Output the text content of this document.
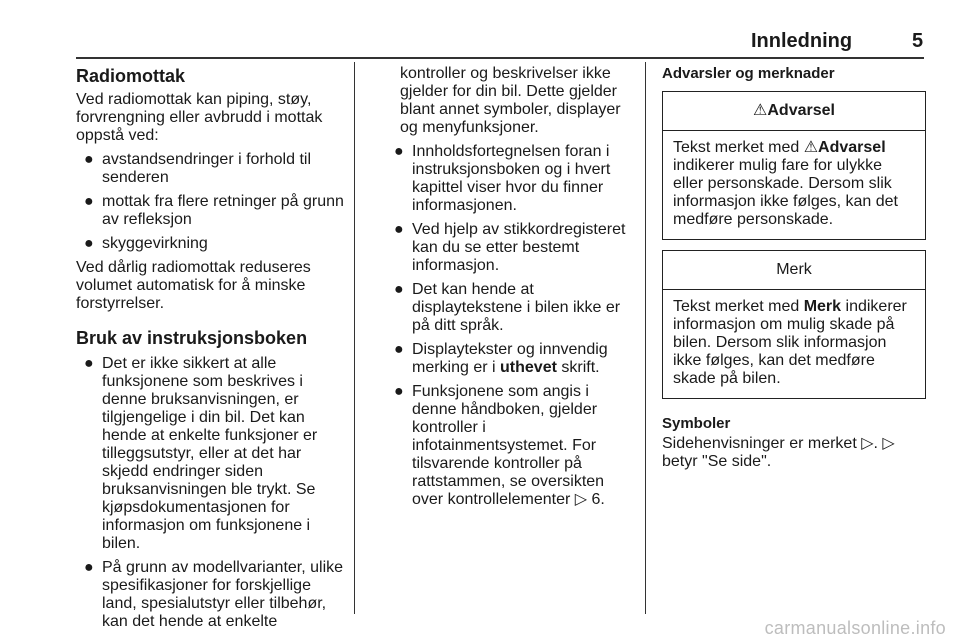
Innledning	5
Radiomottak

Ved radiomottak kan piping, støy, forvrengning eller avbrudd i mottak oppstå ved:

● avstandsendringer i forhold til senderen
● mottak fra flere retninger på grunn av refleksjon
● skyggevirkning

Ved dårlig radiomottak reduseres volumet automatisk for å minske forstyrrelser.

Bruk av instruksjonsboken
● Det er ikke sikkert at alle funksjonene som beskrives i denne bruksanvisningen, er tilgjengelige i din bil. Det kan hende at enkelte funksjoner er tilleggsutstyr, eller at det har skjedd endringer siden bruksanvisningen ble trykt. Se kjøpsdokumentasjonen for informasjon om funksjonene i bilen.
● På grunn av modellvarianter, ulike spesifikasjoner for forskjellige land, spesialutstyr eller tilbehør, kan det hende at enkelte

kontroller og beskrivelser ikke gjelder for din bil. Dette gjelder blant annet symboler, displayer og menyfunksjoner.

● Innholdsfortegnelsen foran i instruksjonsboken og i hvert kapittel viser hvor du finner informasjonen.
● Ved hjelp av stikkordregisteret kan du se etter bestemt informasjon.
● Det kan hende at displaytekstene i bilen ikke er på ditt språk.
● Displaytekster og innvendig merking er i uthevet skrift.
● Funksjonene som angis i denne håndboken, gjelder kontroller i infotainmentsystemet. For tilsvarende kontroller på rattstammen, se oversikten over kontrollelementer ▷ 6.
Advarsler og merknader
⚠ Advarsel
Tekst merket med ⚠Advarsel indikerer mulig fare for ulykke eller personskade. Dersom slik informasjon ikke følges, kan det medføre personskade.
Merk
Tekst merket med Merk indikerer informasjon om mulig skade på bilen. Dersom slik informasjon ikke følges, kan det medføre skade på bilen.
Symboler

Sidehenvisninger er merket ▷. ▷ betyr "Se side".

carmanualsonline.info
